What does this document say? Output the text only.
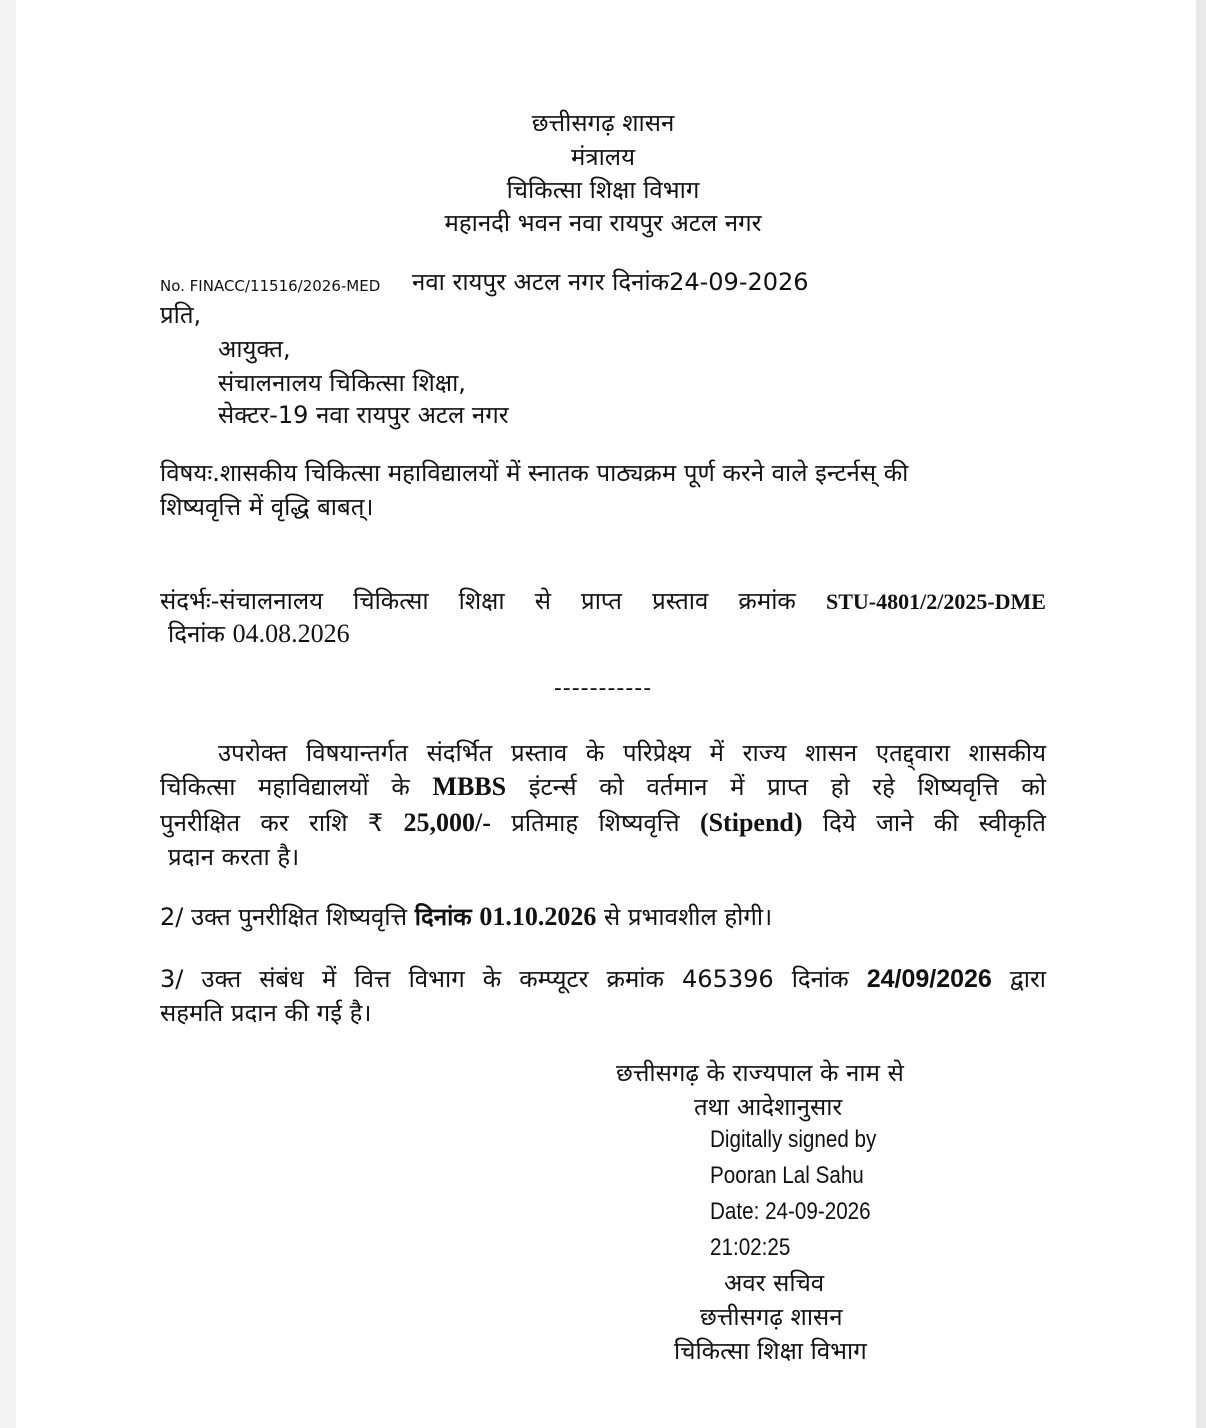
छत्तीसगढ़ शासन
मंत्रालय
चिकित्सा शिक्षा विभाग
महानदी भवन नवा रायपुर अटल नगर
No. FINACC/11516/2026-MED नवा रायपुर अटल नगर दिनांक24-09-2026
प्रति,
आयुक्त,
संचालनालय चिकित्सा शिक्षा,
सेक्टर-19 नवा रायपुर अटल नगर
विषयः.शासकीय चिकित्सा महाविद्यालयों में स्नातक पाठ्यक्रम पूर्ण करने वाले इन्टर्नस् की
शिष्यवृत्ति में वृद्धि बाबत्।
संदर्भः-संचालनालय चिकित्सा शिक्षा से प्राप्त प्रस्ताव क्रमांक STU-4801/2/2025-DME
दिनांक 04.08.2026
-----------
उपरोक्त विषयान्तर्गत संदर्भित प्रस्ताव के परिप्रेक्ष्य में राज्य शासन एतद्द्वारा शासकीय
चिकित्सा महाविद्यालयों के MBBS इंटर्न्स को वर्तमान में प्राप्त हो रहे शिष्यवृत्ति को
पुनरीक्षित कर राशि ₹ 25,000/- प्रतिमाह शिष्यवृत्ति (Stipend) दिये जाने की स्वीकृति
प्रदान करता है।
2/ उक्त पुनरीक्षित शिष्यवृत्ति दिनांक 01.10.2026 से प्रभावशील होगी।
3/ उक्त संबंध में वित्त विभाग के कम्प्यूटर क्रमांक 465396 दिनांक 24/09/2026 द्वारा
सहमति प्रदान की गई है।
छत्तीसगढ़ के राज्यपाल के नाम से
तथा आदेशानुसार
Digitally signed by
Pooran Lal Sahu
Date: 24-09-2026
21:02:25
अवर सचिव
छत्तीसगढ़ शासन
चिकित्सा शिक्षा विभाग
